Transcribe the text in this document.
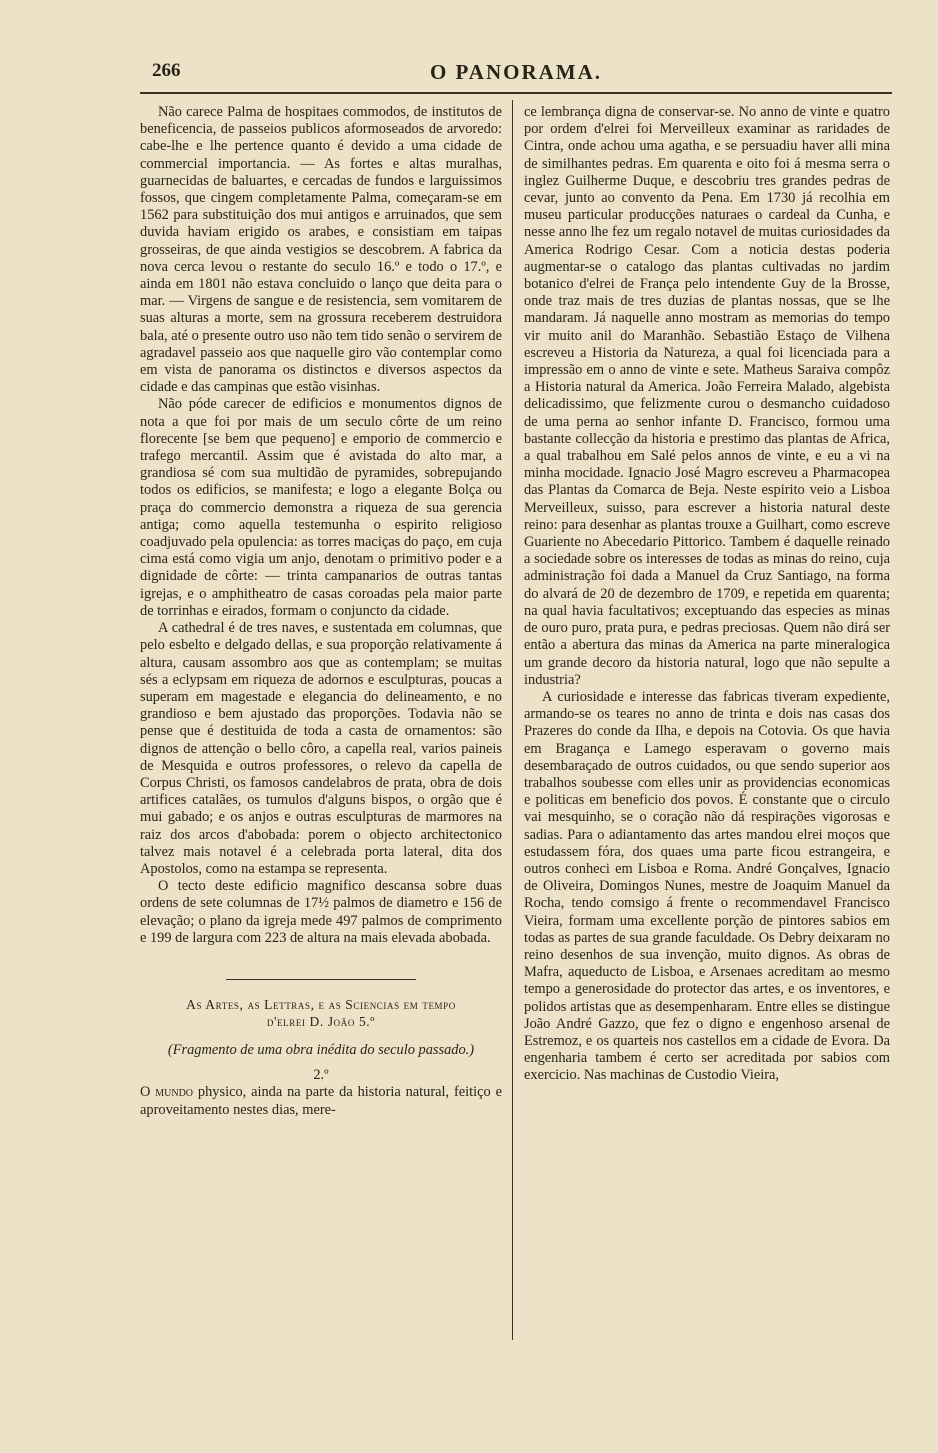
266	O PANORAMA.

Não carece Palma de hospitaes commodos, de institutos de beneficencia, de passeios publicos aformoseados de arvoredo: cabe-lhe e lhe pertence quanto é devido a uma cidade de commercial importancia. — As fortes e altas muralhas, guarnecidas de baluartes, e cercadas de fundos e larguissimos fossos, que cingem completamente Palma, começaram-se em 1562 para substituição dos mui antigos e arruinados, que sem duvida haviam erigido os arabes, e consistiam em taipas grosseiras, de que ainda vestigios se descobrem. A fabrica da nova cerca levou o restante do seculo 16.º e todo o 17.º, e ainda em 1801 não estava concluido o lanço que deita para o mar. — Virgens de sangue e de resistencia, sem vomitarem de suas alturas a morte, sem na grossura receberem destruidora bala, até o presente outro uso não tem tido senão o servirem de agradavel passeio aos que naquelle giro vão contemplar como em vista de panorama os distinctos e diversos aspectos da cidade e das campinas que estão visinhas.

Não póde carecer de edificios e monumentos dignos de nota a que foi por mais de um seculo côrte de um reino florecente [se bem que pequeno] e emporio de commercio e trafego mercantil. Assim que é avistada do alto mar, a grandiosa sé com sua multidão de pyramides, sobrepujando todos os edificios, se manifesta; e logo a elegante Bolça ou praça do commercio demonstra a riqueza de sua gerencia antiga; como aquella testemunha o espirito religioso coadjuvado pela opulencia: as torres maciças do paço, em cuja cima está como vigia um anjo, denotam o primitivo poder e a dignidade de côrte: — trinta campanarios de outras tantas igrejas, e o amphitheatro de casas coroadas pela maior parte de torrinhas e eirados, formam o conjuncto da cidade.

A cathedral é de tres naves, e sustentada em columnas, que pelo esbelto e delgado dellas, e sua proporção relativamente á altura, causam assombro aos que as contemplam; se muitas sés a eclypsam em riqueza de adornos e esculpturas, poucas a superam em magestade e elegancia do delineamento, e no grandioso e bem ajustado das proporções. Todavia não se pense que é destituida de toda a casta de ornamentos: são dignos de attenção o bello côro, a capella real, varios paineis de Mesquida e outros professores, o relevo da capella de Corpus Christi, os famosos candelabros de prata, obra de dois artifices catalães, os tumulos d'alguns bispos, o orgão que é mui gabado; e os anjos e outras esculpturas de marmores na raiz dos arcos d'abobada: porem o objecto architectonico talvez mais notavel é a celebrada porta lateral, dita dos Apostolos, como na estampa se representa.

O tecto deste edificio magnifico descansa sobre duas ordens de sete columnas de 17½ palmos de diametro e 156 de elevação; o plano da igreja mede 497 palmos de comprimento e 199 de largura com 223 de altura na mais elevada abobada.

As Artes, as Lettras, e as Sciencias em tempo
d'elrei D. João 5.º
(Fragmento de uma obra inédita do seculo passado.)
2.º

O mundo physico, ainda na parte da historia natural, feitiço e aproveitamento nestes dias, mere-

ce lembrança digna de conservar-se. No anno de vinte e quatro por ordem d'elrei foi Merveilleux examinar as raridades de Cintra, onde achou uma agatha, e se persuadiu haver alli mina de similhantes pedras. Em quarenta e oito foi á mesma serra o inglez Guilherme Duque, e descobriu tres grandes pedras de cevar, junto ao convento da Pena. Em 1730 já recolhia em museu particular producções naturaes o cardeal da Cunha, e nesse anno lhe fez um regalo notavel de muitas curiosidades da America Rodrigo Cesar. Com a noticia destas poderia augmentar-se o catalogo das plantas cultivadas no jardim botanico d'elrei de França pelo intendente Guy de la Brosse, onde traz mais de tres duzias de plantas nossas, que se lhe mandaram. Já naquelle anno mostram as memorias do tempo vir muito anil do Maranhão. Sebastião Estaço de Vilhena escreveu a Historia da Natureza, a qual foi licenciada para a impressão em o anno de vinte e sete. Matheus Saraiva compôz a Historia natural da America. João Ferreira Malado, algebista delicadissimo, que felizmente curou o desmancho cuidadoso de uma perna ao senhor infante D. Francisco, formou uma bastante collecção da historia e prestimo das plantas de Africa, a qual trabalhou em Salé pelos annos de vinte, e eu a vi na minha mocidade. Ignacio José Magro escreveu a Pharmacopea das Plantas da Comarca de Beja. Neste espirito veio a Lisboa Merveilleux, suisso, para escrever a historia natural deste reino: para desenhar as plantas trouxe a Guilhart, como escreve Guariente no Abecedario Pittorico. Tambem é daquelle reinado a sociedade sobre os interesses de todas as minas do reino, cuja administração foi dada a Manuel da Cruz Santiago, na forma do alvará de 20 de dezembro de 1709, e repetida em quarenta; na qual havia facultativos; exceptuando das especies as minas de ouro puro, prata pura, e pedras preciosas. Quem não dirá ser então a abertura das minas da America na parte mineralogica um grande decoro da historia natural, logo que não sepulte a industria?

A curiosidade e interesse das fabricas tiveram expediente, armando-se os teares no anno de trinta e dois nas casas dos Prazeres do conde da Ilha, e depois na Cotovia. Os que havia em Bragança e Lamego esperavam o governo mais desembaraçado de outros cuidados, ou que sendo superior aos trabalhos soubesse com elles unir as providencias economicas e politicas em beneficio dos povos. É constante que o circulo vai mesquinho, se o coração não dá respirações vigorosas e sadias. Para o adiantamento das artes mandou elrei moços que estudassem fóra, dos quaes uma parte ficou estrangeira, e outros conheci em Lisboa e Roma. André Gonçalves, Ignacio de Oliveira, Domingos Nunes, mestre de Joaquim Manuel da Rocha, tendo comsigo á frente o recommendavel Francisco Vieira, formam uma excellente porção de pintores sabios em todas as partes de sua grande faculdade. Os Debry deixaram no reino desenhos de sua invenção, muito dignos. As obras de Mafra, aqueducto de Lisboa, e Arsenaes acreditam ao mesmo tempo a generosidade do protector das artes, e os inventores, e polidos artistas que as desempenharam. Entre elles se distingue João André Gazzo, que fez o digno e engenhoso arsenal de Estremoz, e os quarteis nos castellos em a cidade de Evora. Da engenharia tambem é certo ser acreditada por sabios com exercicio. Nas machinas de Custodio Vieira,
